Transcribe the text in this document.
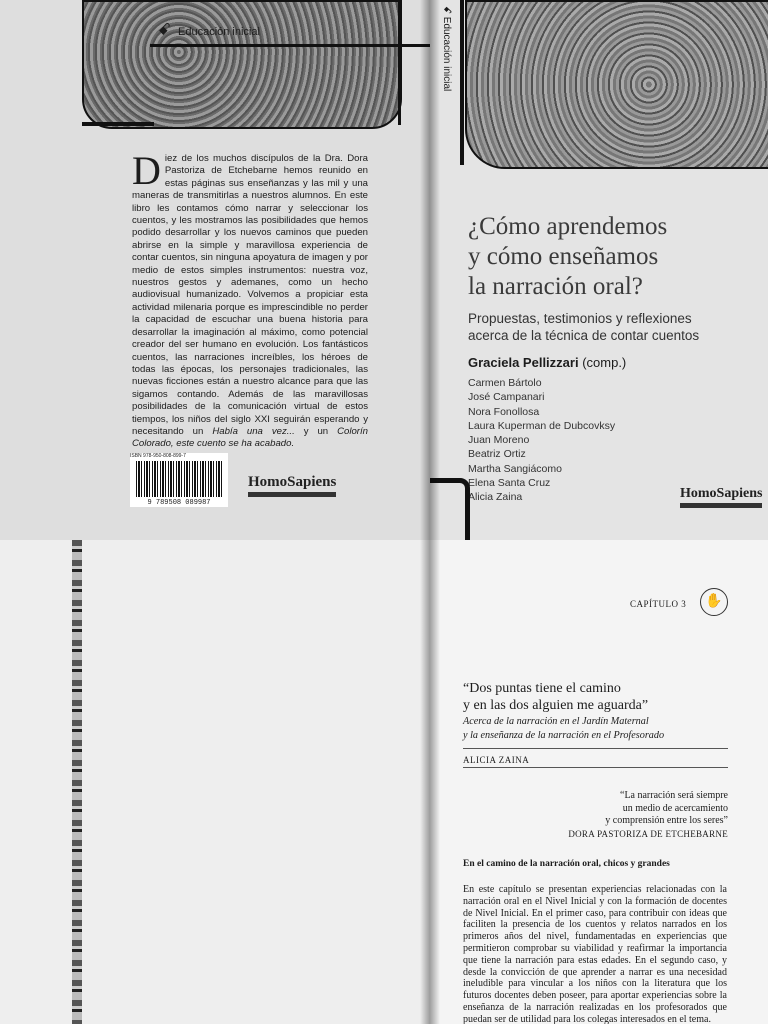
ꗃ Educación inicial
Diez de los muchos discípulos de la Dra. Dora Pastoriza de Etchebarne hemos reunido en estas páginas sus enseñanzas y las mil y una maneras de transmitirlas a nuestros alumnos. En este libro les contamos cómo narrar y seleccionar los cuentos, y les mostramos las posibilidades que hemos podido desarrollar y los nuevos caminos que pueden abrirse en la simple y maravillosa experiencia de contar cuentos, sin ninguna apoyatura de imagen y por medio de estos simples instrumentos: nuestra voz, nuestros gestos y ademanes, como un hecho audiovisual humanizado. Volvemos a propiciar esta actividad milenaria porque es imprescindible no perder la capacidad de escuchar una buena historia para desarrollar la imaginación al máximo, como potencial creador del ser humano en evolución. Los fantásticos cuentos, las narraciones increíbles, los héroes de todas las épocas, los personajes tradicionales, las nuevas ficciones están a nuestro alcance para que las sigamos contando. Además de las maravillosas posibilidades de la comunicación virtual de estos tiempos, los niños del siglo XXI seguirán esperando y necesitando un Había una vez... y un Colorín Colorado, este cuento se ha acabado.
ISBN 978-950-808-899-7
9 789508 089987
HomoSapiens
ꗃ Educación inicial
¿Cómo aprendemos
y cómo enseñamos
la narración oral?
Propuestas, testimonios y reflexiones
acerca de la técnica de contar cuentos
Graciela Pellizzari (comp.)
Carmen Bártolo
José Campanari
Nora Fonollosa
Laura Kuperman de Dubcovksy
Juan Moreno
Beatriz Ortiz
Martha Sangiácomo
Elena Santa Cruz
Alicia Zaina	HomoSapiens
CAPÍTULO 3	✋
“Dos puntas tiene el camino
y en las dos alguien me aguarda”
Acerca de la narración en el Jardín Maternal
y la enseñanza de la narración en el Profesorado
ALICIA ZAINA
“La narración será siempre
un medio de acercamiento
y comprensión entre los seres”
DORA PASTORIZA DE ETCHEBARNE
En el camino de la narración oral, chicos y grandes
En este capítulo se presentan experiencias relacionadas con la narración oral en el Nivel Inicial y con la formación de docentes de Nivel Inicial. En el primer caso, para contribuir con ideas que faciliten la presencia de los cuentos y relatos narrados en los primeros años del nivel, fundamentadas en experiencias que permitieron comprobar su viabilidad y reafirmar la importancia que tiene la narración para estas edades. En el segundo caso, y desde la convicción de que aprender a narrar es una necesidad ineludible para vincular a los niños con la literatura que los futuros docentes deben poseer, para aportar experiencias sobre la enseñanza de la narración realizadas en los profesorados que puedan ser de utilidad para los colegas interesados en el tema.
